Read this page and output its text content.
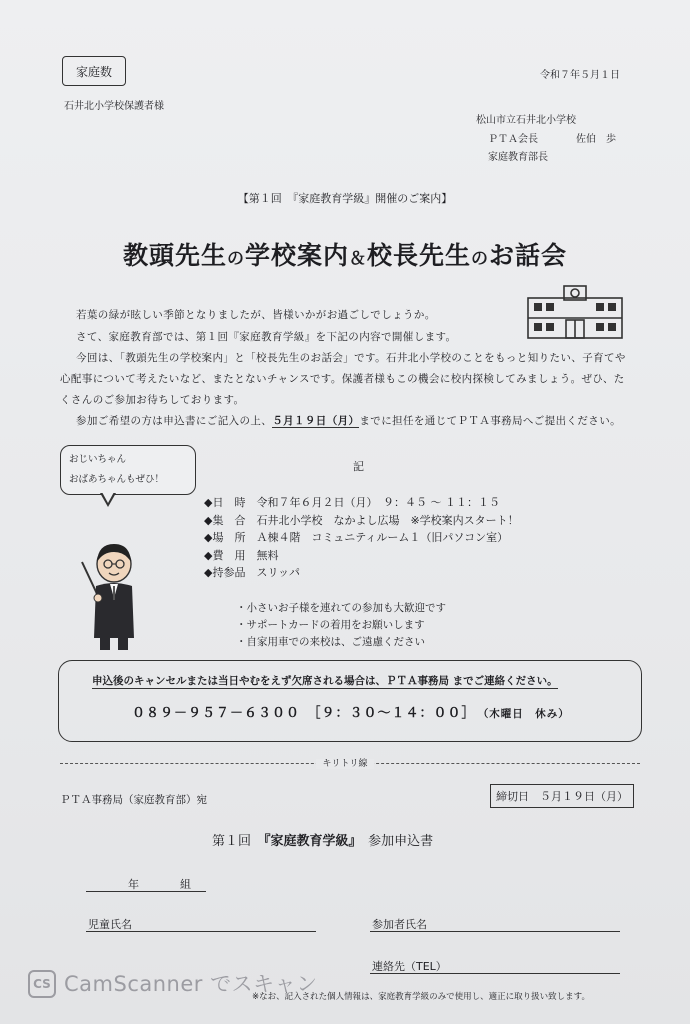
家庭数	令和７年５月１日
石井北小学校保護者様
松山市立石井北小学校
ＰＴＡ会長	佐伯　歩
家庭教育部長
【第１回　『家庭教育学級』開催のご案内】
教頭先生の学校案内＆校長先生のお話会
若葉の緑が眩しい季節となりましたが、皆様いかがお過ごしでしょうか。
さて、家庭教育部では、第１回『家庭教育学級』を下記の内容で開催します。
今回は、「教頭先生の学校案内」と「校長先生のお話会」です。石井北小学校のことをもっと知りたい、子育てや
心配事について考えたいなど、またとないチャンスです。保護者様もこの機会に校内探検してみましょう。ぜひ、た
くさんのご参加お待ちしております。
参加ご希望の方は申込書にご記入の上、５月１９日（月）までに担任を通じてＰＴＡ事務局へご提出ください。
おじいちゃん
おばあちゃんもぜひ！
記
◆日　時　 令和７年６月２日（月）　９：４５ 〜 １１：１５
◆集　合　 石井北小学校　なかよし広場　※学校案内スタート！
◆場　所　 Ａ棟４階　コミュニティルーム１（旧パソコン室）
◆費　用　 無料
◆持参品　 スリッパ
・小さいお子様を連れての参加も大歓迎です
・サポートカードの着用をお願いします
・自家用車での来校は、ご遠慮ください
申込後のキャンセルまたは当日やむをえず欠席される場合は、ＰＴＡ事務局 までご連絡ください。
０８９－９５７－６３００　 ［９：３０〜１４：００］　 （木曜日　休み）
キリトリ線
ＰＴＡ事務局（家庭教育部）宛	締切日　５月１９日（月）
第１回　 『家庭教育学級』　 参加申込書
年	組
児童氏名	参加者氏名
連絡先（TEL）
※なお、記入された個人情報は、家庭教育学級のみで使用し、適正に取り扱い致します。
CS CamScanner でスキャン
